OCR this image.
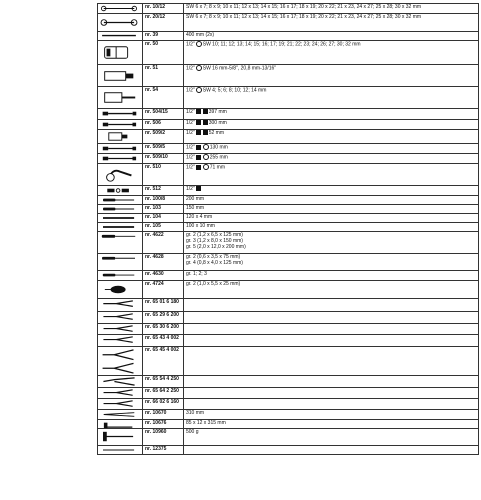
	nr. 10/12	SW 6 x 7; 8 x 9; 10 x 11; 12 x 13; 14 x 15; 16 x 17; 18 x 19; 20 x 22; 21 x 23, 24 x 27; 25 x 28; 30 x 32 mm

	nr. 20/12	SW 6 x 7; 8 x 9; 10 x 11; 12 x 13; 14 x 15; 16 x 17; 18 x 19; 20 x 22; 21 x 23, 24 x 27; 25 x 28; 30 x 32 mm

	nr. 39	400 mm (2x)

	nr. 50	1/2" SW 10; 11; 12; 13; 14; 15; 16; 17; 19; 21; 22; 23; 24; 26; 27; 30; 32 mm

	nr. 51	1/2" SW 16 mm-5/8", 20,8 mm-13/16"

	nr. 54	1/2" SW 4; 5; 6; 8; 10; 12; 14 mm

	nr. 504/15	1/2" 397 mm

	nr. 506	1/2" 300 mm

	nr. 509/2	1/2" 52 mm

	nr. 509/5	1/2" 130 mm

	nr. 509/10	1/2" 255 mm

	nr. 510	1/2" 71 mm

	nr. 512	1/2"

	nr. 100/8	200 mm

	nr. 103	150 mm

	nr. 104	120 x 4 mm

	nr. 105	100 x 10 mm

	nr. 4622	gr. 2 (1,2 x 6,5 x 125 mm)
gr. 3 (1,2 x 8,0 x 150 mm)
gr. 5 (2,0 x 12,0 x 200 mm)

	nr. 4628	gr. 2 (0,6 x 3,5 x 75 mm)
gr. 4 (0,8 x 4,0 x 125 mm)

	nr. 4630	gr. 1; 2; 3

	nr. 4724	gr. 2 (1,0 x 5,5 x 25 mm)

	nr. 65 01 6 180	

	nr. 65 29 6 200	

	nr. 65 30 6 200	

	nr. 65 43 4 002	

	nr. 65 45 4 002	

	nr. 65 54 4 250	

	nr. 65 64 2 250	

	nr. 66 02 6 160	

	nr. 10670	310 mm

	nr. 10676	85 x 12 x 315 mm

	nr. 10960	500 g

	nr. 12375	
